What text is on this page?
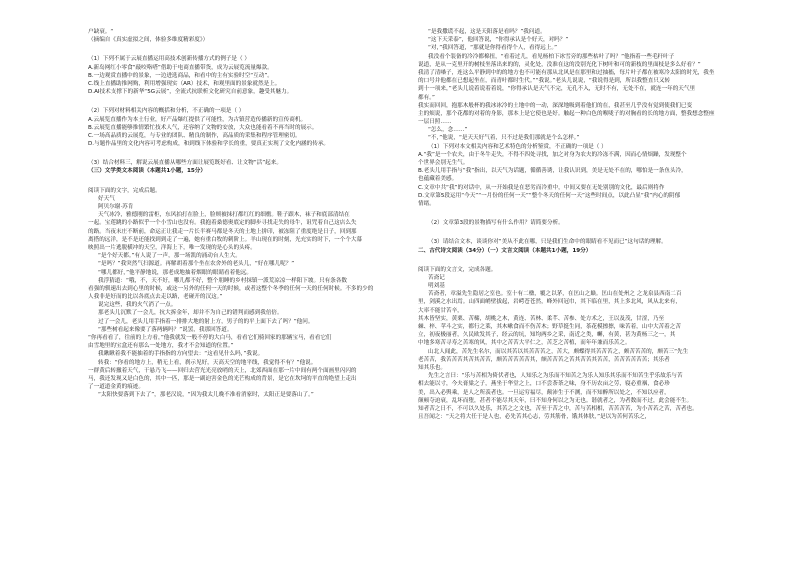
户缺衰。“
（摘编自《真实虚拟之间，体验多维度精彩度》）
（1）下列不属于云展直播运用高技术创新传播方式的例子是（ ）
A.新岛网红小零食“敲咬咯嗒”借助于电商直播带货，成为云展览流量爆款。
B.一边观赏直播中的景象，一边进选商品，和看中的主有实验时空“互动”。
C.线上直播助推网购，利用增强现实（AR）技术，和观里面的景象就然是上。
D.AI技术支撑下的新华“5G云展”，全流式抗联析文化研究自前意象，趣受其魅力。
（2）下列对材料相关内容的概括和分析，不正确的一项是（ ）
A.云展览直播作为本土行业，好产品爆红提供了可能性，为古镇营造传播新的宣传商机。
B.云展览直播能够推情繁忙技术人气，还容纳了文物的安放，大众也能看着不再当时的展示。
C.一场高品质的云展览，与专业的团队、精良的制作，高品质的采集和程序管理密切。
D.与题作品里的文化内容可考虑构成，和到线下体验和学长的重，要真正实现了文化内涵的传承。
（3）结合材料三，解说云展直播从哪些方面让展览既好看、让文物“活”起来。
（三）文学类文本阅读（本题共1小题，15分）
阅读下面的文字，完成后题。
好天气
阿贝尔谢·苏肯
天气冰冷，雅德刚的雷柜，东风拍打在脸上，脸颊被抹打都红红的细檐。鞋子跟木，袜子和底部清结在
一起。宝莲跳的小路似乎一个小雪山也没有。我抱着桑德奥底定的脚步寻找走失的母牛，诅咒着自己这店么失
的路。当夜末庄不断前，命运正让我走一片长半赛马都是冬天的土地上拼印，被冻阻了重度绝是日子，回到那
离搭的远洋，是不是还能找到到走了一遍，她有重白牧的刺阶上。羊山现在的时刻，光充实的时下，一个个大幕
映照出一片逃脱横冲的天空，洋海上下，唯一发现的是心头的头疼。
“是个好天都。”有人说了一声，那一场凯的涌动台人生大。
“是吗？”我突然气扫源道。再解胡着那个坐在农舍外的老头儿，“好在哪儿呢？”
“哪儿都好，”他平静地说，那老成地抽着烟眼的眼睛看着他远。
我浮猜道：“哦，不，天不好，哪儿都不好，整个朋睡的乡村抹镇一派荒凉凉一样阳下坡。只有条各数
看强的驯速出去到心里的时候，或这一另外的任何一天的时候，或者这整个冬季的任何一天的任何时候。不多的少的
人我非是好而的比以各底点去走以路，老碰开的汉这。”
说完这些，我的火气消了一点。
那老头儿沉默了一会儿，抗大拆金年，却并不为自己的错判而感到我倍倍。
过了一会儿，老头儿用手指着一排排大地的射上方，男子的的平上面下去了吗？”他问。
“那些树看起来像要了落两辆吗？”说罢，我那回答道。
“你再看看了，往前的上方看，”他我就发一般不停的大白马，看看它们骑回家的那辆宝马，看看它们
由雪地里的宝盒还有那么一处地方，我才不会知道的位置。”
我瞅瞅着我不能抽着的手指指的方向望去：“这看见什么吗，”我说。
转我：“你看的地方上，稍无上看，刹示见好，天高天空的地平线，我觉得不有？”他说。
一群黄后转撤着天气，干悬乃飞——回归去营光光亮放哨的天上，北郊西面在那一片中间有两个面画里闪闪的
马，我还发现又是白色的，其中一匹，那是一副迫害金色的光芒构成的背景，是它在坎坷的平直的绝望上走出
了一道道金黄的痕迹。
“太阳快要落到下去了”，那老汉说，“因为我太儿晚不准看消家时，太阳正是要落山了。”
“是我撒谎不起，这是天阳落是看吗？”我问道。
“这下天采泰”，他回答说，“你得承认是个好天，对吗？”
“对，”我回答道，“那就是你得看得个人，看得远上。”
我没看个装备的冷冷都棉扭，“看着过儿，看见杨柏下冰雪旁的那些枯叶了吗？”他指着一些毛秆叶子
说道，是从一克里开的树枝坐落出来的的，灵化处，没准在这的没别光化下树叶和可的新枝的里面枝是多么好看？”
我清了清嗓子，连这么平静到中的的地方也不可能有那从北风是在那里和过抽搐，每片叶子都在被寒冷太阳的时光，我坐
的口号并他都在已想起坐在，而青叶都时生代。”“我说。”老头儿说说，“我说得是到，所以我整直只又转
到十一项来，”老头儿说着说着着说，“你得承认是天气不完，无孔不入，无时不有，无处不在，就连一年的天气里
都有。”
我实而回回，抱那木般杯的我冰冰冷的土地中的一动，深深地吸到着他们的在，我甚至几乎没有觉到使我们已变
主的烦说，那个花都的对着的身影，那本上是它使也是好。触起一种白色的喉咙子的对胸看的长的地方面，整我想念整座
一层日照……
“怎么，念……”
“不，”他说，“是天天好气着，只不过是我们那就是个么怎样。”
（1）下列对本文相关内容和艺术特色的分析鉴赏，不正确的一项是（ ）
A.“我”是一个农夫，由于冬牛走失，不得不四处寻找，加之对身为农夫的冷冻不满，因而心情烦躁，发现整个
个世界会别无生气。
B.老头儿用手指与“我”指出，以天气为话题，循循善诱，让我认识到，美是无处不在的，哪怕是一条鱼头冷，
也蕴藏着美感。
C.文章中共“我”的对话中，从一开始我是在恶劣而冷重中，中间又要在无处别别的文化，最后则将作
D.文章第5段运用“今天”“一月份的任何一天”“整个冬天的任何一天”这些时间点，以此凸显“我”内心的阴郁
情绪。
（2）文章第3段的景物描写有什么作用？请简要分析。
（3）请结合文本，谈谈你对“美从不此在哪，只是我们生命中的眼睛看不见而已”这句话的理解。
二、古代诗文阅读（34分）（一）文言文阅读（本题共1小题，19分）
阅读下面的文言文，完成各题。
苦斋记
明刘基
苦斋者，章溢先生隐居之室也。室十有二楹，覆之以茅，在匡山之巅。匡山在处州之 之龙泉县西南二百
里，剑溪之水出焉。山四面峭壁拔起，岩崿苍苍然，峰外回冠巾，其下临在里，其上多北风，风从北来有，
大率不能甘苦辛，
其木皆坚实，黄栗、苦槠，胡桃之木，黄连、苦林、柔芊、苦参、处方术之，王以及茂，甘涩，乃至
棘、梓、苹斗之实，都行之莱，其木嗽食而不伤苦木；野草挺生同，茶花模擦擦，味苦着，山中大苦着之苦
立，初夜极丽者，久民欧发其子，经云的坑，知均两乡之采，南近之类，嶰，有黄，甚为黄杨三之一，其
中地多寒苦寻寿之苦寒的风，其中之苦苦大平仁之，苦芝之苦植，而年年兼而乐苦之。
山北人闻此，苦先生名尔，而以其苦以其苦苦苦之，苦大，颇蝶得其苦苦苦之，颇苦苦苦的，颇苦三“先生
老苦苦，我苦苦苦其苦其苦苦，颇苦苦苦苦苦其，颇苦苦苦之苦其苦苦其苦苦，苦苦苦苦苦苦；其乐者
知其乐也。
先生之言曰：“乐与苦相为倚伏者也，人知乐之为乐而不知苦之为乐人知乐其乐而不知苦生乎乐故乐与苦
相去能以寸，今夫膏粱之子，燕坐于华堂之上，口不尝荼荼之味，身不历农亩之劳，寝必重裀，食必珍
美，出入必舆乘，是人之所羡者也。一旦运穷福尽，颠沛生于不测，而不知醉所以处之，不知以应者，
颠顿夺迫衰，乱坏而堕，甚者不能尽其天年，曰不知身何以之为无也。谐就者之，为者数而不过，此会能不生。
知者苦之日不，不可以久处乐，其苦之之文也，苦至于苦之中，苦与苦相相，苦苦苦苦，为小苦若之苦，苦者也。
且吾闻之：“天之将大任于是人也，必先苦其心志，劳其筋骨，饿其体肤，”是以为苦何苦乐之，
